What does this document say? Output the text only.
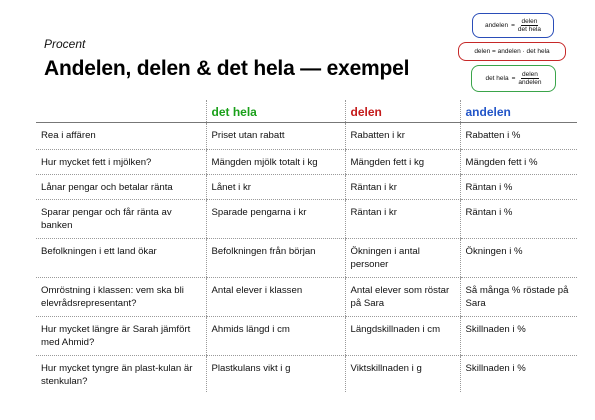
Procent
Andelen, delen & det hela — exempel
andelen = $\frac{\text{delen}}{\text{det hela}}$
delen = andelen · det hela
det hela = $\frac{\text{delen}}{\text{andelen}}$
	det hela	delen	andelen
Rea i affären	Priset utan rabatt	Rabatten i kr	Rabatten i %
Hur mycket fett i mjölken?	Mängden mjölk totalt i kg	Mängden fett i kg	Mängden fett i %
Lånar pengar och betalar ränta	Lånet i kr	Räntan i kr	Räntan i %
Sparar pengar och får ränta av banken	Sparade pengarna i kr	Räntan i kr	Räntan i %
Befolkningen i ett land ökar	Befolkningen från början	Ökningen i antal personer	Ökningen i %
Omröstning i klassen: vem ska bli elevrådsrepresentant?	Antal elever i klassen	Antal elever som röstar på Sara	Så många % röstade på Sara
Hur mycket längre är Sarah jämfört med Ahmid?	Ahmids längd i cm	Längdskillnaden i cm	Skillnaden i %
Hur mycket tyngre än plast-kulan är stenkulan?	Plastkulans vikt i g	Viktskillnaden i g	Skillnaden i %
